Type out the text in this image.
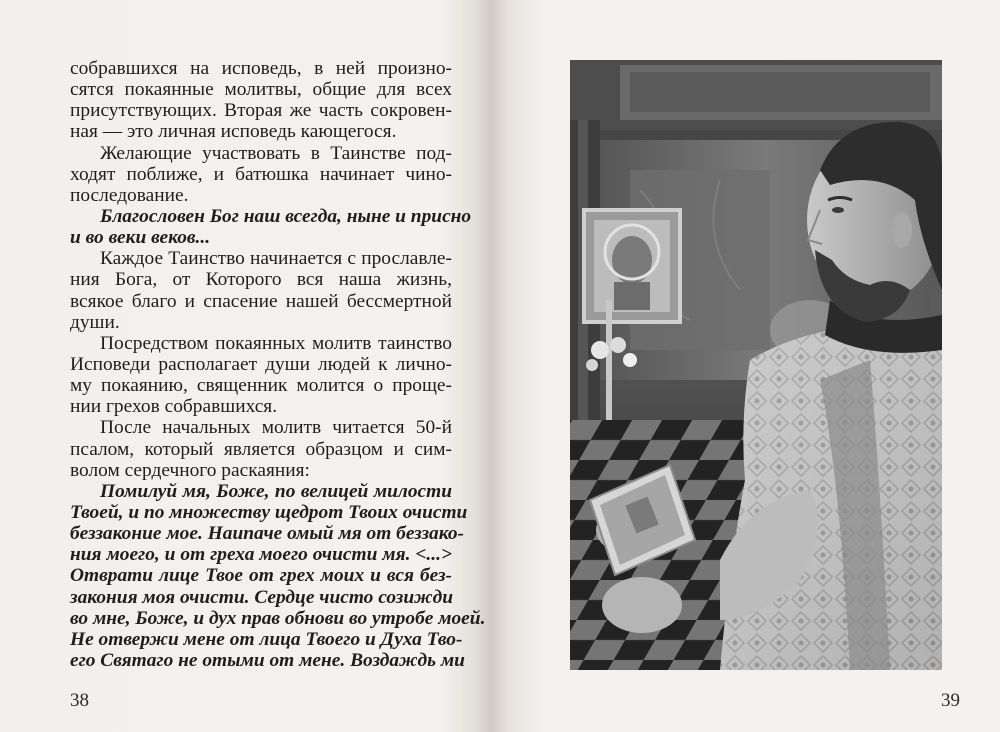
собравшихся на исповедь, в ней произно-
сятся покаянные молитвы, общие для всех
присутствующих. Вторая же часть сокровен-
ная — это личная исповедь кающегося.
Желающие участвовать в Таинстве под-
ходят поближе, и батюшка начинает чино-
последование.
Благословен Бог наш всегда, ныне и присно
и во веки веков...
Каждое Таинство начинается с прославле-
ния Бога, от Которого вся наша жизнь,
всякое благо и спасение нашей бессмертной
души.
Посредством покаянных молитв таинство
Исповеди располагает души людей к лично-
му покаянию, священник молится о проще-
нии грехов собравшихся.
После начальных молитв читается 50-й
псалом, который является образцом и сим-
волом сердечного раскаяния:
Помилуй мя, Боже, по велицей милости
Твоей, и по множеству щедрот Твоих очисти
беззаконие мое. Наипаче омый мя от беззако-
ния моего, и от греха моего очисти мя. <...>
Отврати лице Твое от грех моих и вся без-
закония моя очисти. Сердце чисто созижди
во мне, Боже, и дух прав обнови во утробе моей.
Не отвержи мене от лица Твоего и Духа Тво-
его Святаго не отыми от мене. Воздаждь ми
38	39
